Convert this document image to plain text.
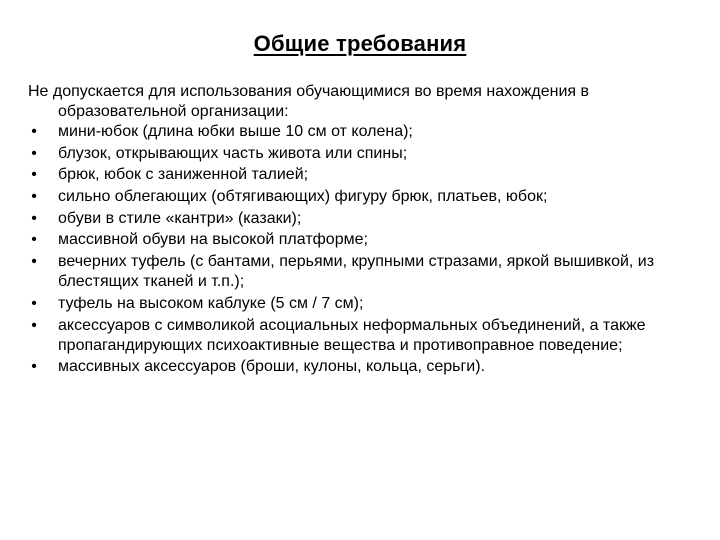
Общие требования

Не допускается для использования обучающимися во время нахождения в образовательной организации:

• мини-юбок (длина юбки выше 10 см от колена);
• блузок, открывающих часть живота или спины;
• брюк, юбок с заниженной талией;
• сильно облегающих (обтягивающих) фигуру брюк, платьев, юбок;
• обуви в стиле «кантри» (казаки);
• массивной обуви на высокой платформе;
• вечерних туфель (с бантами, перьями, крупными стразами, яркой вышивкой, из блестящих тканей и т.п.);
• туфель на высоком каблуке (5 см / 7 см);
• аксессуаров с символикой асоциальных неформальных объединений, а также пропагандирующих психоактивные вещества и противоправное поведение;
• массивных аксессуаров (броши, кулоны, кольца, серьги).
